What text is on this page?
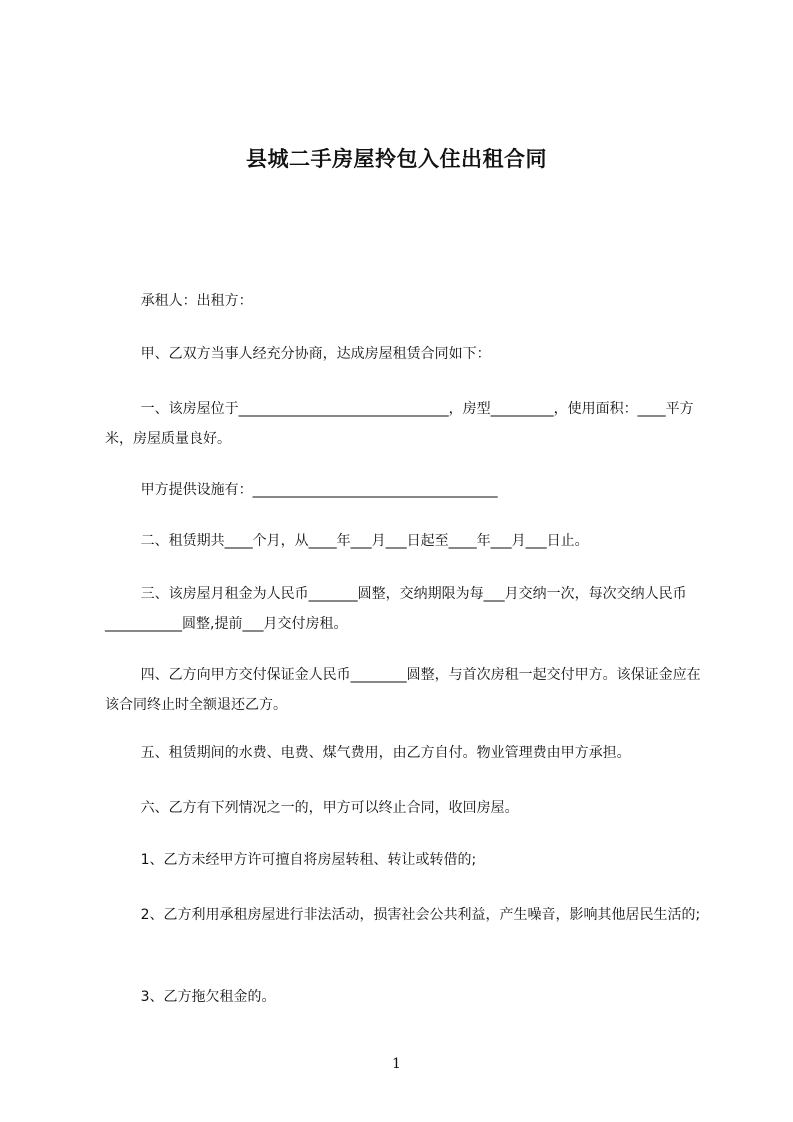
县城二手房屋拎包入住出租合同
承租人：出租方：
甲、乙双方当事人经充分协商，达成房屋租赁合同如下：
一、该房屋位于______________________________，房型_________，使用面积：____平方米，房屋质量良好。
甲方提供设施有：___________________________________
二、租赁期共____个月，从____年___月___日起至____年___月___日止。
三、该房屋月租金为人民币_______圆整，交纳期限为每___月交纳一次，每次交纳人民币___________圆整,提前___月交付房租。
四、乙方向甲方交付保证金人民币________圆整，与首次房租一起交付甲方。该保证金应在该合同终止时全额退还乙方。
五、租赁期间的水费、电费、煤气费用，由乙方自付。物业管理费由甲方承担。
六、乙方有下列情况之一的，甲方可以终止合同，收回房屋。
1、乙方未经甲方许可擅自将房屋转租、转让或转借的;
2、乙方利用承租房屋进行非法活动，损害社会公共利益，产生噪音，影响其他居民生活的;
3、乙方拖欠租金的。
1
